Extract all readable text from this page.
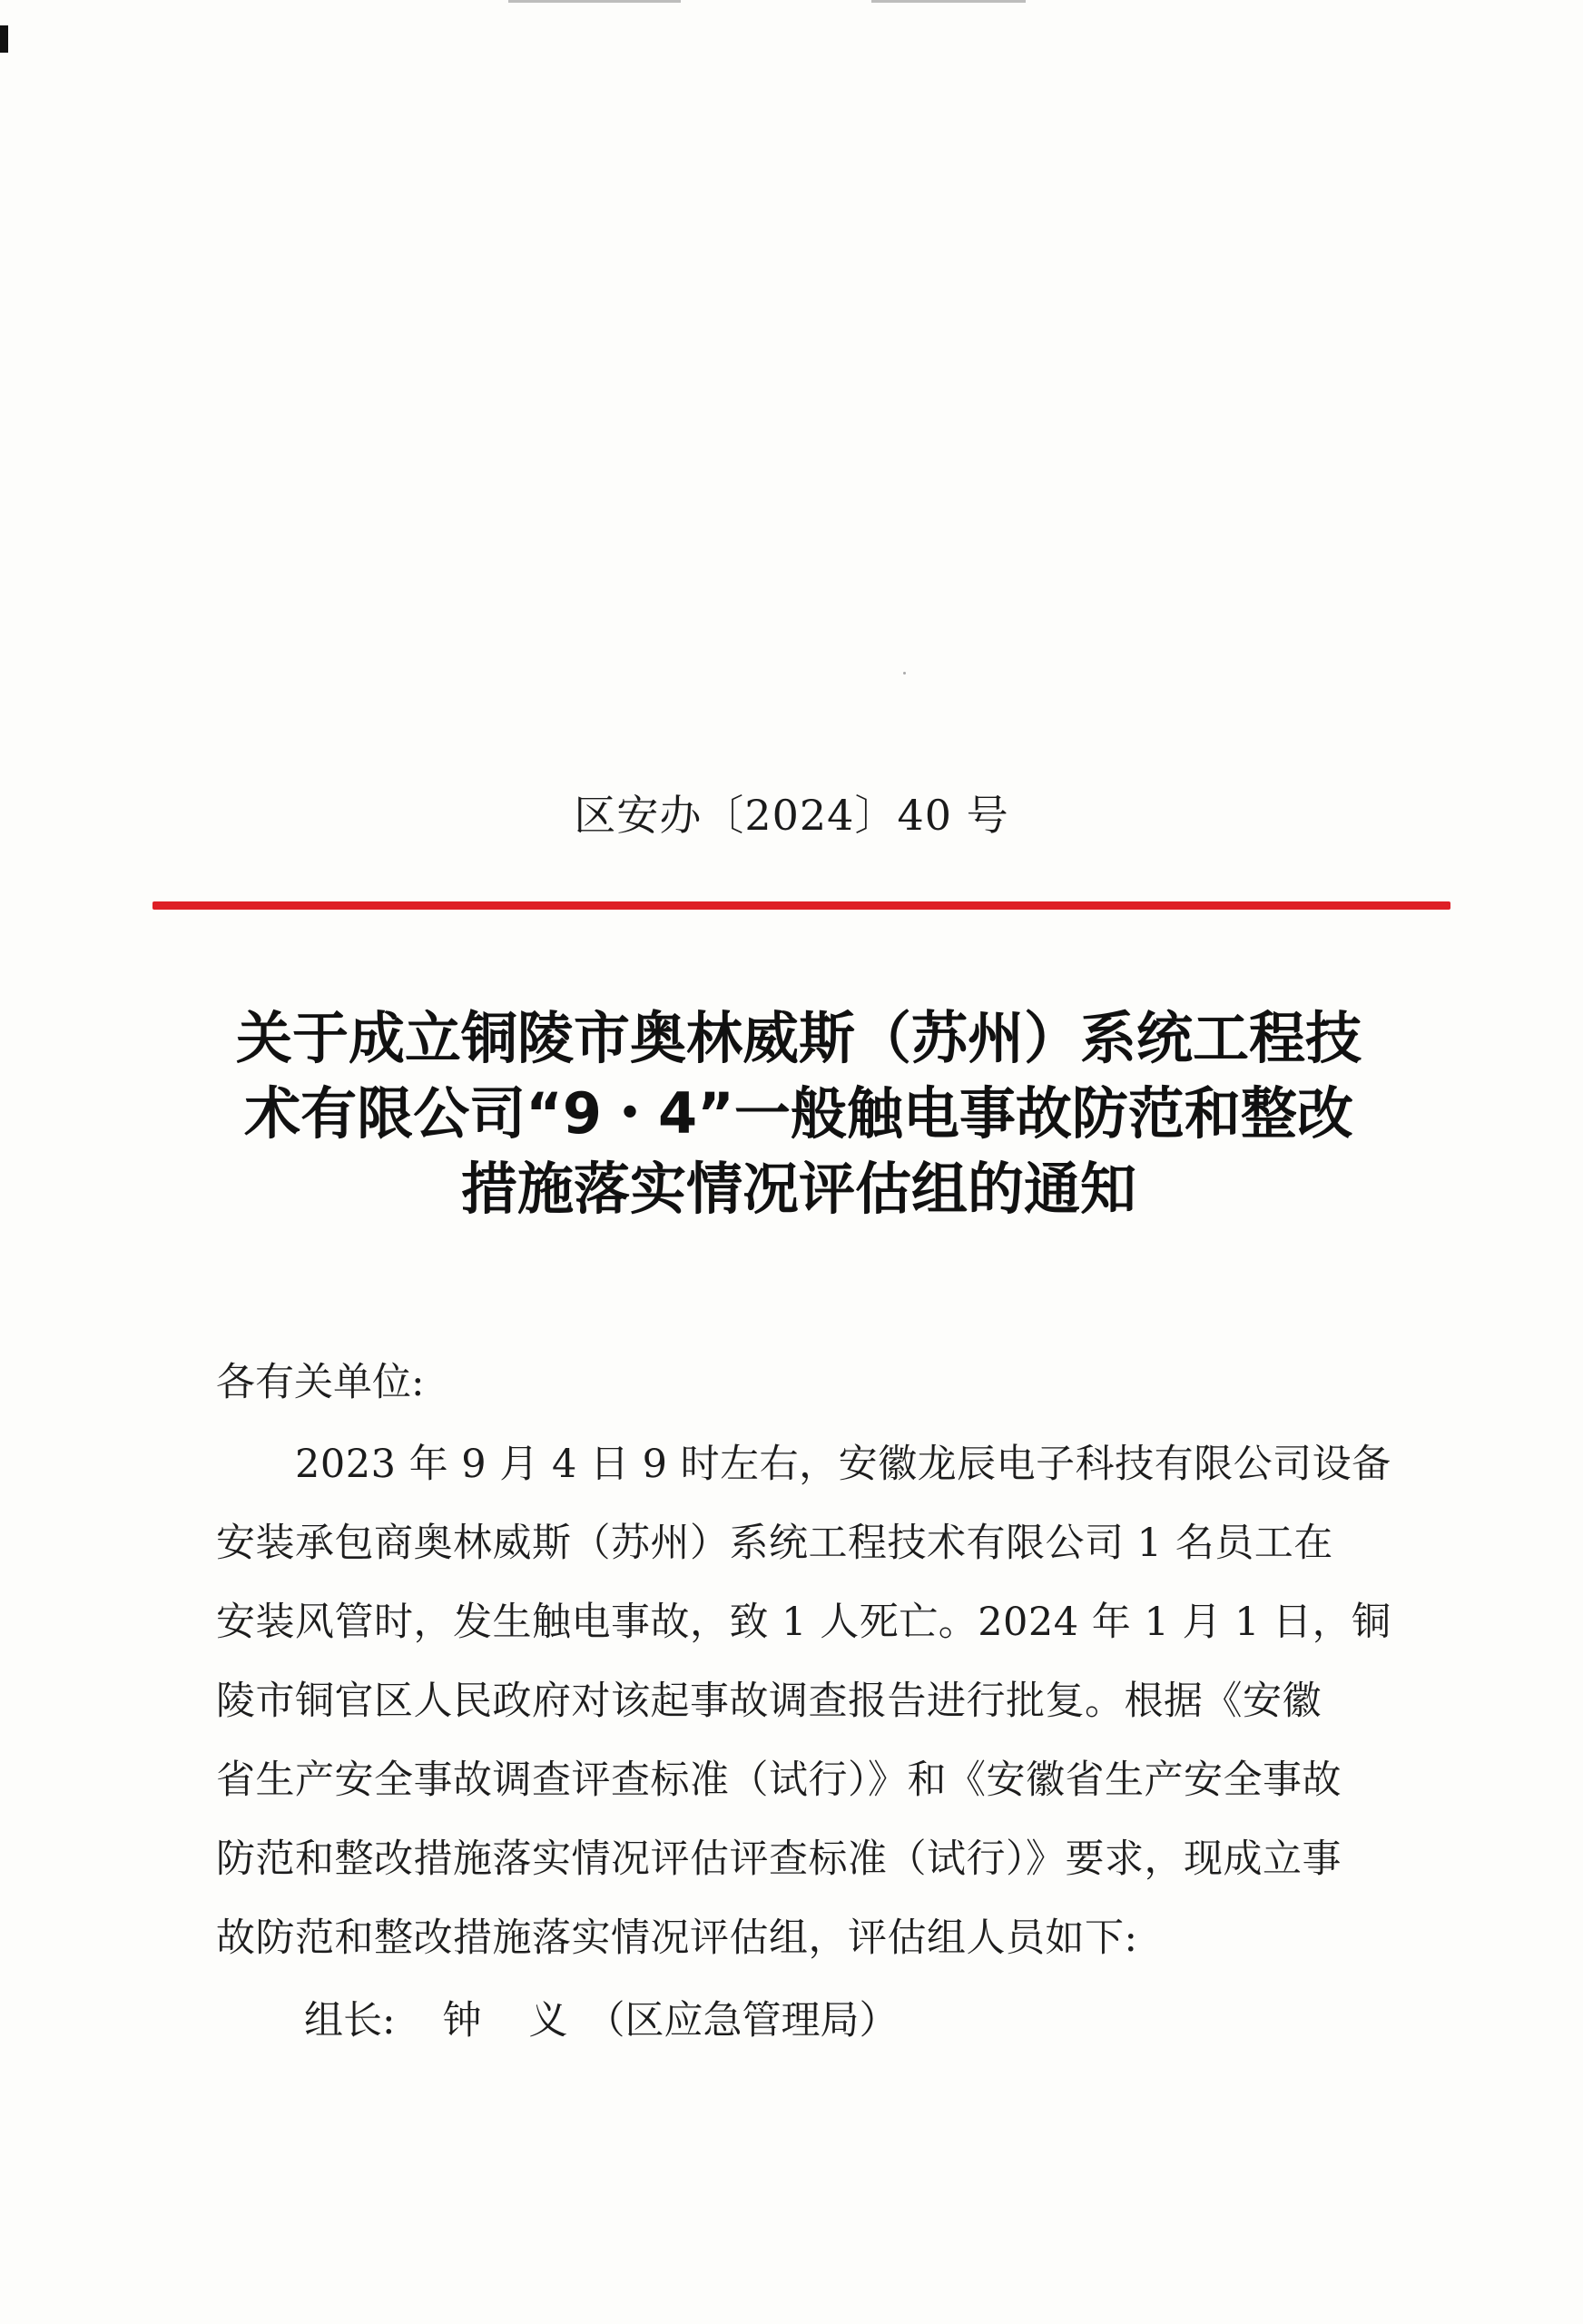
区安办〔2024〕40 号
关于成立铜陵市奥林威斯（苏州）系统工程技
术有限公司“9・4”一般触电事故防范和整改
措施落实情况评估组的通知
各有关单位:
　　2023 年 9 月 4 日 9 时左右，安徽龙辰电子科技有限公司设备
安装承包商奥林威斯（苏州）系统工程技术有限公司 1 名员工在
安装风管时，发生触电事故，致 1 人死亡。2024 年 1 月 1 日，铜
陵市铜官区人民政府对该起事故调查报告进行批复。根据《安徽
省生产安全事故调查评查标准（试行）》和《安徽省生产安全事故
防范和整改措施落实情况评估评查标准（试行）》要求，现成立事
故防范和整改措施落实情况评估组，评估组人员如下:
组长: 钟 义 （区应急管理局）
